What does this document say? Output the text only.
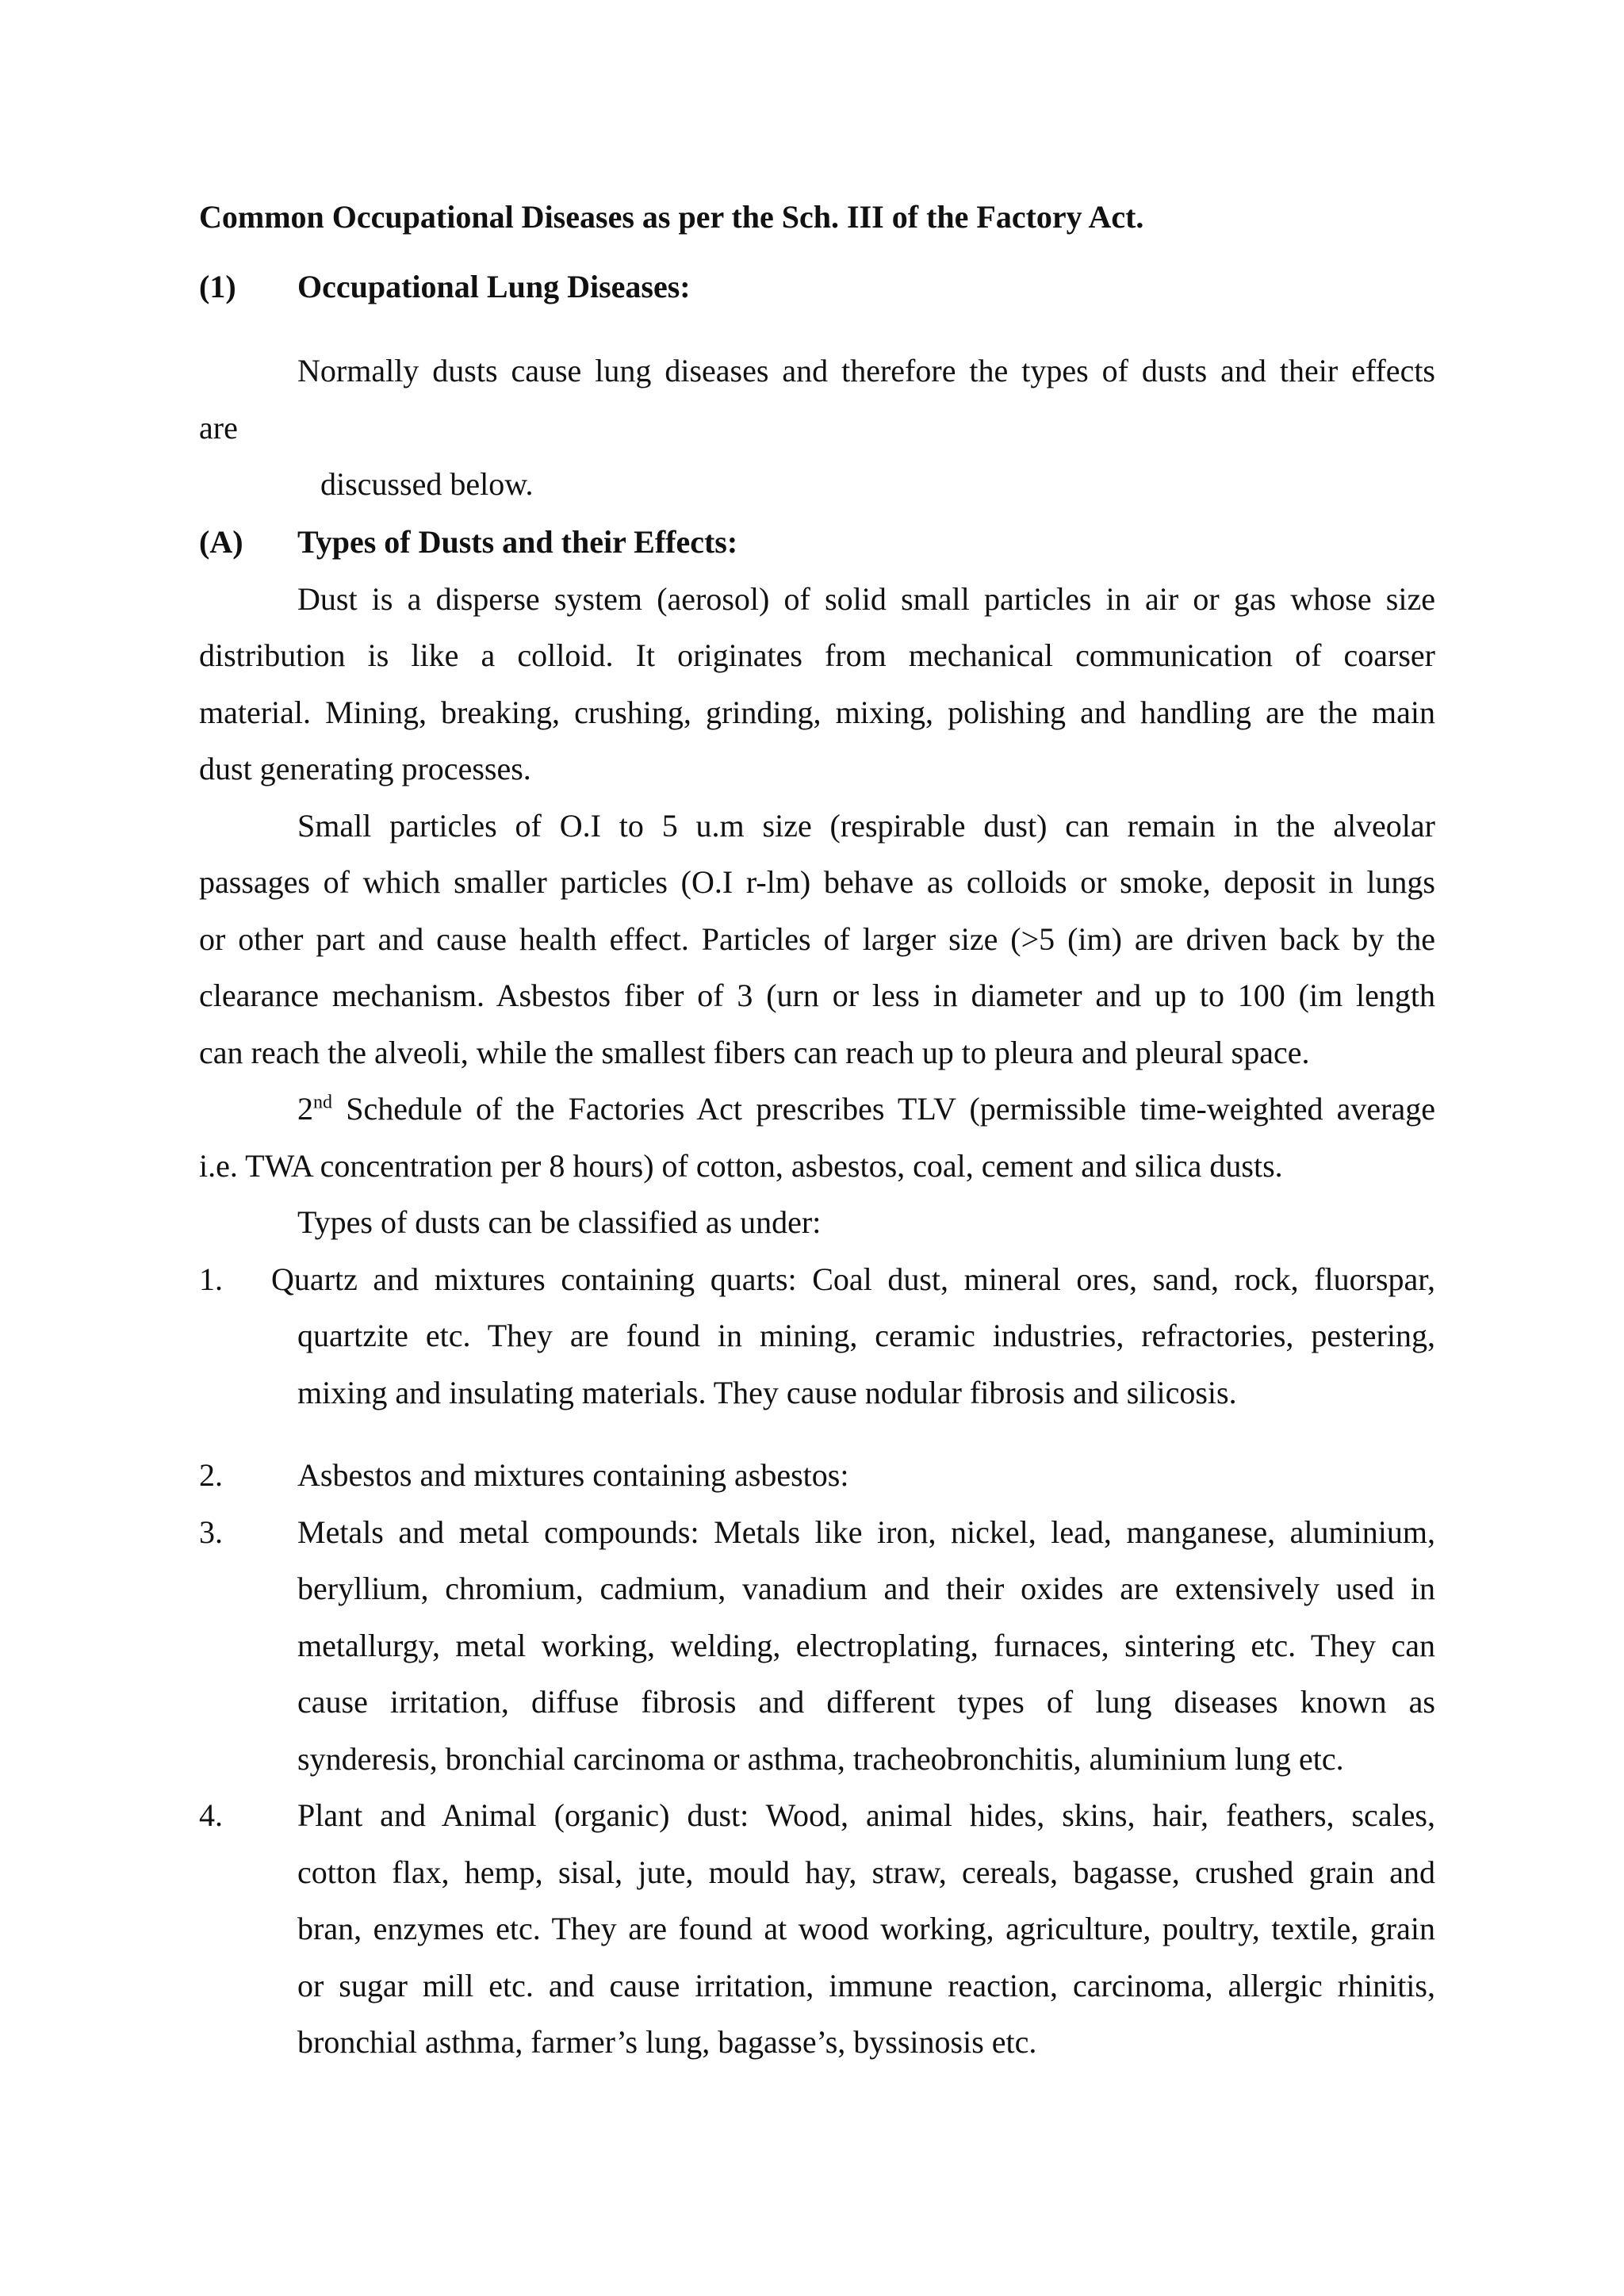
Common Occupational Diseases as per the Sch. III of the Factory Act.
(1) Occupational Lung Diseases:
Normally dusts cause lung diseases and therefore the types of dusts and their effects
are
discussed below.
(A) Types of Dusts and their Effects:
Dust is a disperse system (aerosol) of solid small particles in air or gas whose size
distribution is like a colloid. It originates from mechanical communication of coarser
material. Mining, breaking, crushing, grinding, mixing, polishing and handling are the main
dust generating processes.
Small particles of O.I to 5 u.m size (respirable dust) can remain in the alveolar
passages of which smaller particles (O.I r-lm) behave as colloids or smoke, deposit in lungs
or other part and cause health effect. Particles of larger size (>5 (im) are driven back by the
clearance mechanism. Asbestos fiber of 3 (urn or less in diameter and up to 100 (im length
can reach the alveoli, while the smallest fibers can reach up to pleura and pleural space.
2nd Schedule of the Factories Act prescribes TLV (permissible time-weighted average
i.e. TWA concentration per 8 hours) of cotton, asbestos, coal, cement and silica dusts.
Types of dusts can be classified as under:
1. Quartz and mixtures containing quarts: Coal dust, mineral ores, sand, rock, fluorspar,
quartzite etc. They are found in mining, ceramic industries, refractories, pestering,
mixing and insulating materials. They cause nodular fibrosis and silicosis.
2. Asbestos and mixtures containing asbestos:
3. Metals and metal compounds: Metals like iron, nickel, lead, manganese, aluminium,
beryllium, chromium, cadmium, vanadium and their oxides are extensively used in
metallurgy, metal working, welding, electroplating, furnaces, sintering etc. They can
cause irritation, diffuse fibrosis and different types of lung diseases known as
synderesis, bronchial carcinoma or asthma, tracheobronchitis, aluminium lung etc.
4. Plant and Animal (organic) dust: Wood, animal hides, skins, hair, feathers, scales,
cotton flax, hemp, sisal, jute, mould hay, straw, cereals, bagasse, crushed grain and
bran, enzymes etc. They are found at wood working, agriculture, poultry, textile, grain
or sugar mill etc. and cause irritation, immune reaction, carcinoma, allergic rhinitis,
bronchial asthma, farmer’s lung, bagasse’s, byssinosis etc.
